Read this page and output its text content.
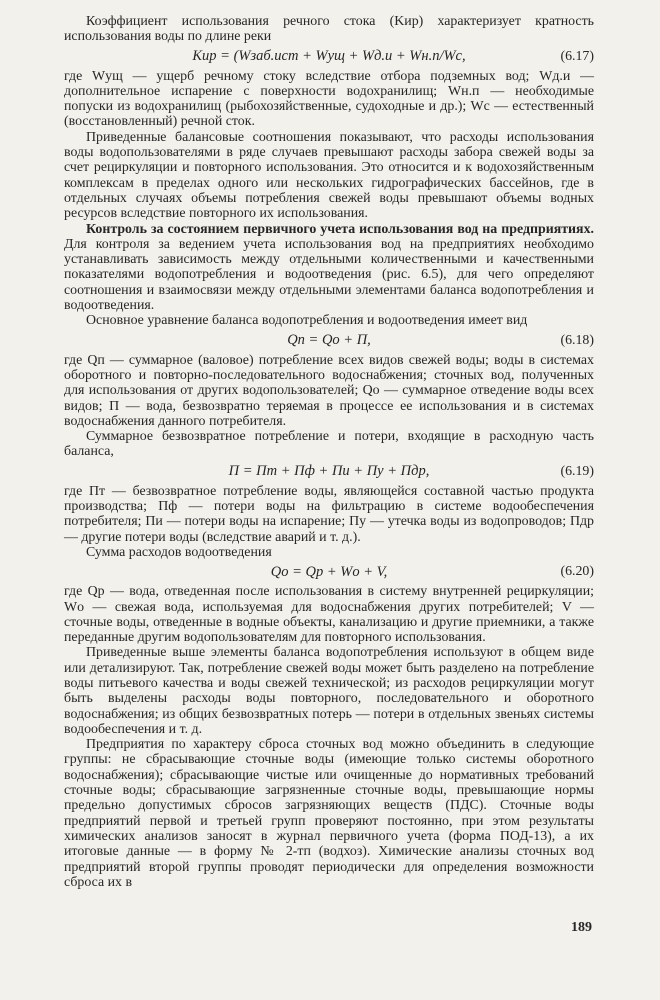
Коэффициент использования речного стока (Kир) характеризует кратность использования воды по длине реки

Kир = (Wзаб.ист + Wущ + Wд.и + Wн.п/Wс,	(6.17)

где Wущ — ущерб речному стоку вследствие отбора подземных вод; Wд.и — дополнительное испарение с поверхности водохранилищ; Wн.п — необходимые попуски из водохранилищ (рыбохозяйственные, судоходные и др.); Wс — естественный (восстановленный) речной сток.

Приведенные балансовые соотношения показывают, что расходы использования воды водопользователями в ряде случаев превышают расходы забора свежей воды за счет рециркуляции и повторного использования. Это относится и к водохозяйственным комплексам в пределах одного или нескольких гидрографических бассейнов, где в отдельных случаях объемы потребления свежей воды превышают объемы водных ресурсов вследствие повторного их использования.

Контроль за состоянием первичного учета использования вод на предприятиях. Для контроля за ведением учета использования вод на предприятиях необходимо устанавливать зависимость между отдельными количественными и качественными показателями водопотребления и водоотведения (рис. 6.5), для чего определяют соотношения и взаимосвязи между отдельными элементами баланса водопотребления и водоотведения.

Основное уравнение баланса водопотребления и водоотведения имеет вид

Qп = Qо + П,	(6.18)

где Qп — суммарное (валовое) потребление всех видов свежей воды; воды в системах оборотного и повторно-последовательного водоснабжения; сточных вод, полученных для использования от других водопользователей; Qо — суммарное отведение воды всех видов; П — вода, безвозвратно теряемая в процессе ее использования и в системах водоснабжения данного потребителя.

Суммарное безвозвратное потребление и потери, входящие в расходную часть баланса,

П = Пт + Пф + Пи + Пу + Пдр,	(6.19)

где Пт — безвозвратное потребление воды, являющейся составной частью продукта производства; Пф — потери воды на фильтрацию в системе водообеспечения потребителя; Пи — потери воды на испарение; Пу — утечка воды из водопроводов; Пдр — другие потери воды (вследствие аварий и т. д.).

Сумма расходов водоотведения

Qо = Qр + Wо + V,	(6.20)

где Qр — вода, отведенная после использования в систему внутренней рециркуляции; Wо — свежая вода, используемая для водоснабжения других потребителей; V — сточные воды, отведенные в водные объекты, канализацию и другие приемники, а также переданные другим водопользователям для повторного использования.

Приведенные выше элементы баланса водопотребления используют в общем виде или детализируют. Так, потребление свежей воды может быть разделено на потребление воды питьевого качества и воды свежей технической; из расходов рециркуляции могут быть выделены расходы воды повторного, последовательного и оборотного водоснабжения; из общих безвозвратных потерь — потери в отдельных звеньях системы водообеспечения и т. д.

Предприятия по характеру сброса сточных вод можно объединить в следующие группы: не сбрасывающие сточные воды (имеющие только системы оборотного водоснабжения); сбрасывающие чистые или очищенные до нормативных требований сточные воды; сбрасывающие загрязненные сточные воды, превышающие нормы предельно допустимых сбросов загрязняющих веществ (ПДС). Сточные воды предприятий первой и третьей групп проверяют постоянно, при этом результаты химических анализов заносят в журнал первичного учета (форма ПОД-13), а их итоговые данные — в форму № 2-тп (водхоз). Химические анализы сточных вод предприятий второй группы проводят периодически для определения возможности сброса их в

189
